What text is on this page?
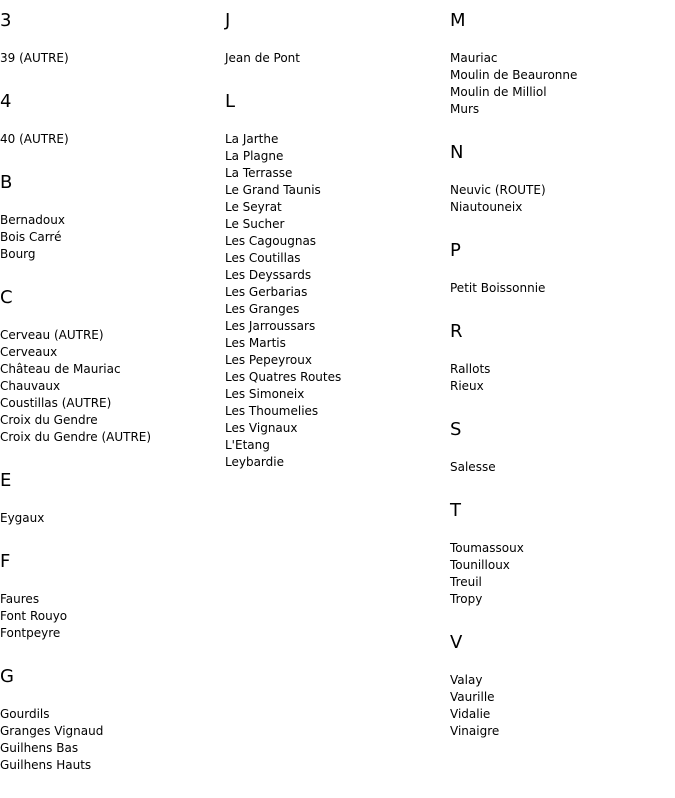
3
39 (AUTRE)
4
40 (AUTRE)
B
Bernadoux
Bois Carré
Bourg
C
Cerveau (AUTRE)
Cerveaux
Château de Mauriac
Chauvaux
Coustillas (AUTRE)
Croix du Gendre
Croix du Gendre (AUTRE)
E
Eygaux
F
Faures
Font Rouyo
Fontpeyre
G
Gourdils
Granges Vignaud
Guilhens Bas
Guilhens Hauts
J
Jean de Pont
L
La Jarthe
La Plagne
La Terrasse
Le Grand Taunis
Le Seyrat
Le Sucher
Les Cagougnas
Les Coutillas
Les Deyssards
Les Gerbarias
Les Granges
Les Jarroussars
Les Martis
Les Pepeyroux
Les Quatres Routes
Les Simoneix
Les Thoumelies
Les Vignaux
L'Etang
Leybardie
M
Mauriac
Moulin de Beauronne
Moulin de Milliol
Murs
N
Neuvic (ROUTE)
Niautouneix
P
Petit Boissonnie
R
Rallots
Rieux
S
Salesse
T
Toumassoux
Tounilloux
Treuil
Tropy
V
Valay
Vaurille
Vidalie
Vinaigre
